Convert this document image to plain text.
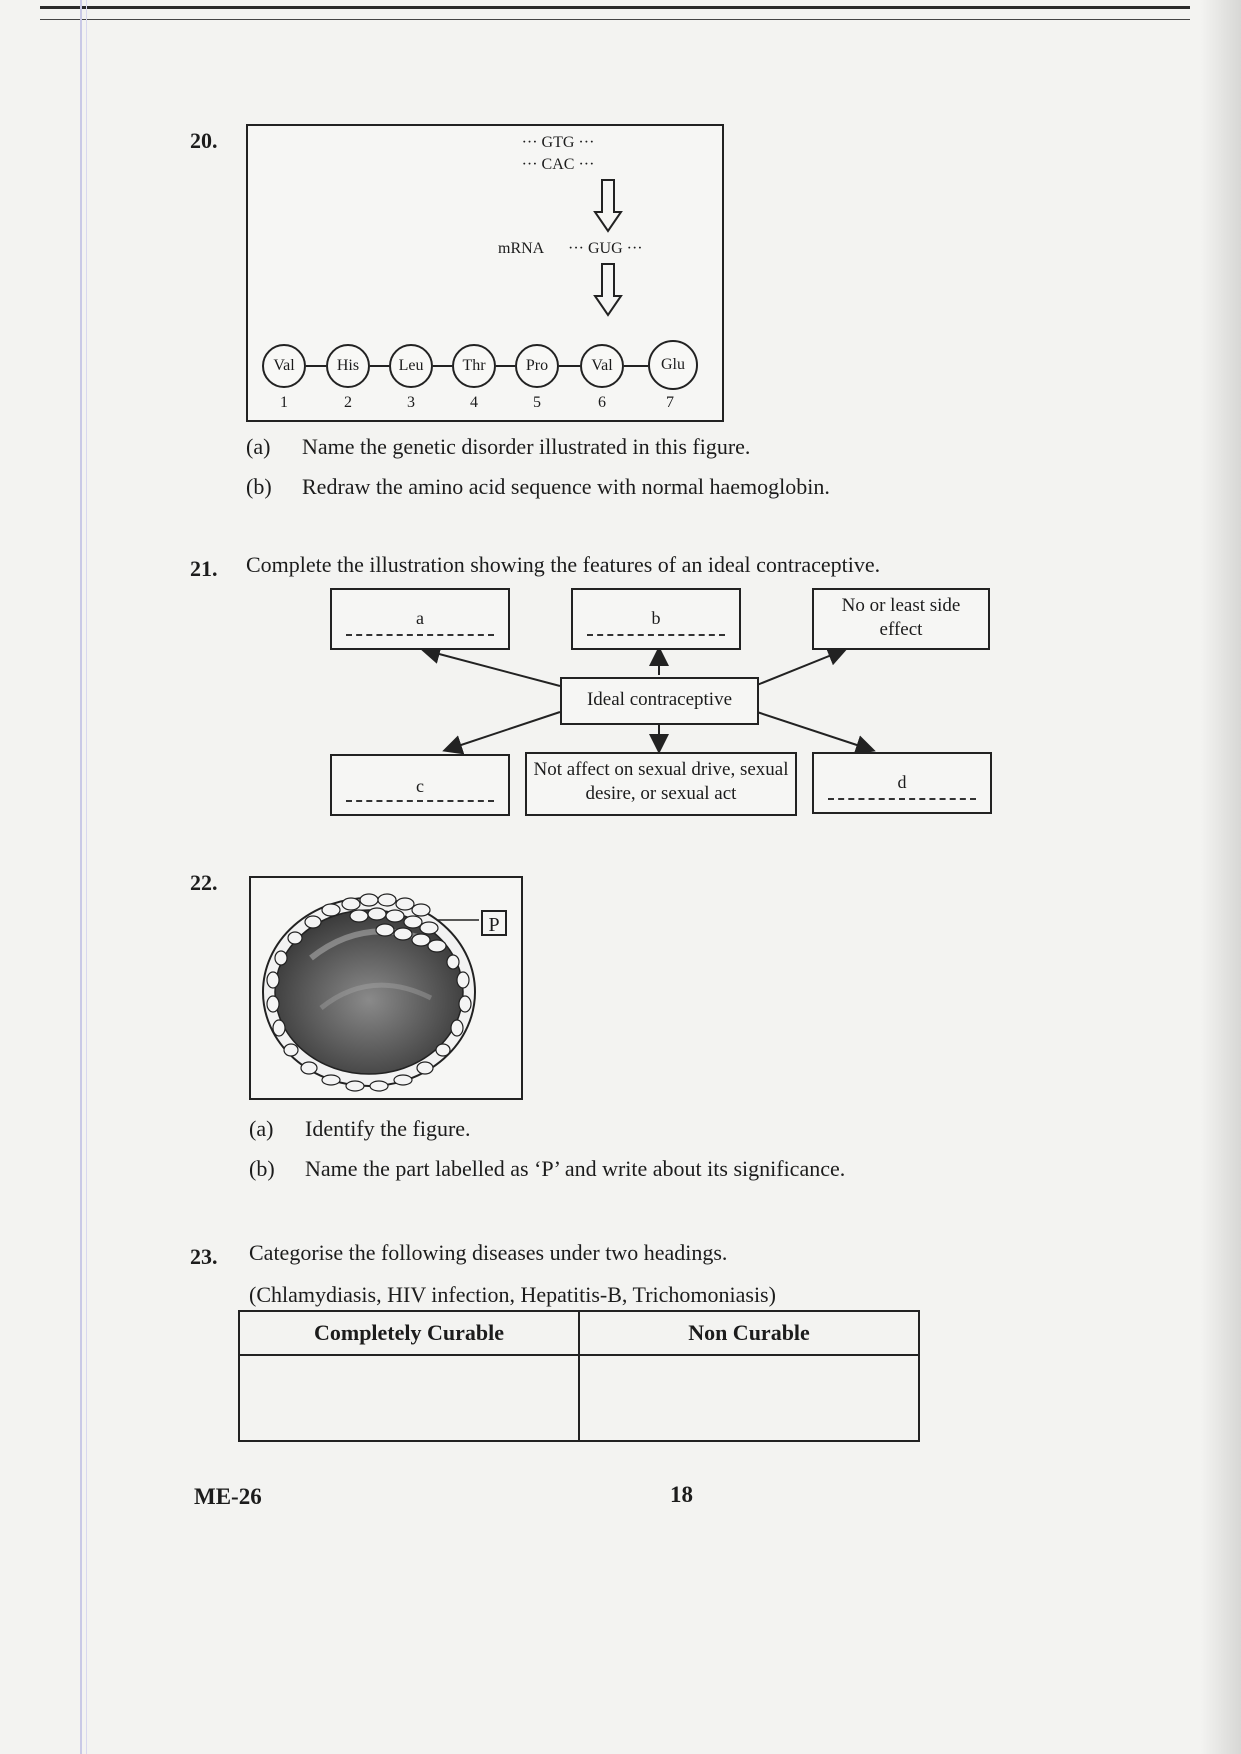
20.	··· GTG ···
··· CAC ···
mRNA ··· GUG ···
Val
1
His
2
Leu
3
Thr
4
Pro
5
Val
6
Glu
7
(a) Name the genetic disorder illustrated in this figure.
(b) Redraw the amino acid sequence with normal haemoglobin.
21. Complete the illustration showing the features of an ideal contraceptive.
a	b
No or least side effect
Ideal contraceptive
c
Not affect on sexual drive, sexual desire, or sexual act
d
22.
P
(a) Identify the figure.
(b) Name the part labelled as ‘P’ and write about its significance.
23. Categorise the following diseases under two headings.
(Chlamydiasis, HIV infection, Hepatitis-B, Trichomoniasis)
Completely Curable	Non Curable

ME-26	18
